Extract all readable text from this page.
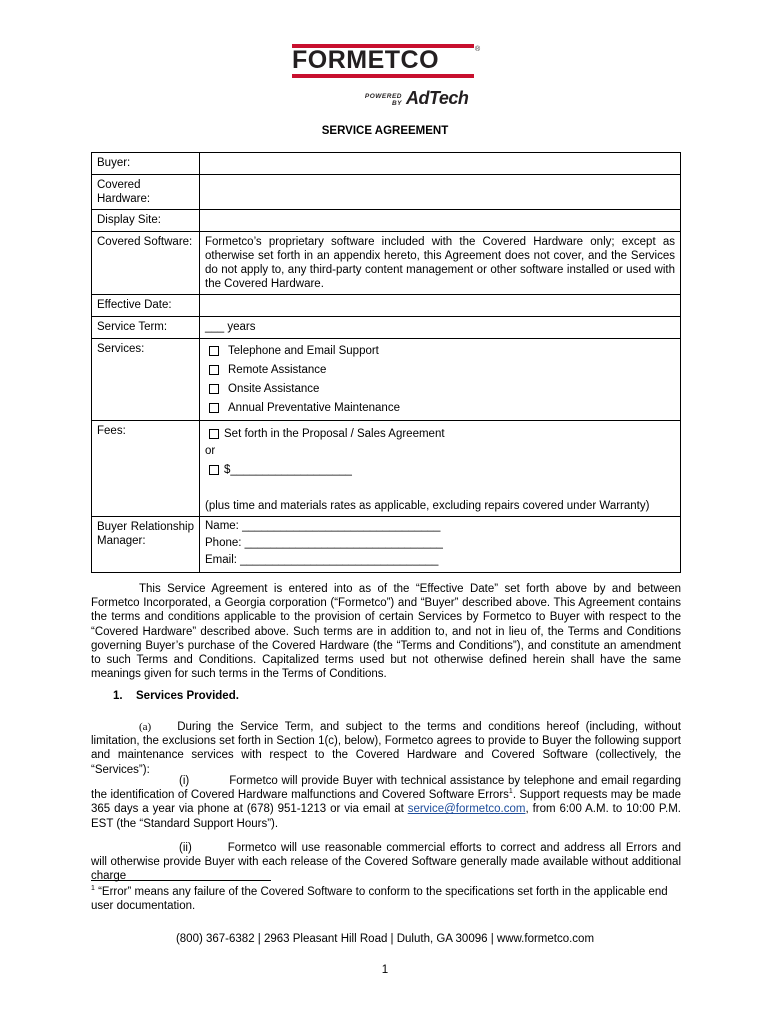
FORMETCO	®
POWERED BY AdTech
SERVICE AGREEMENT
Buyer:	
Covered Hardware:	
Display Site:	
Covered Software:	Formetco’s proprietary software included with the Covered Hardware only; except as otherwise set forth in an appendix hereto, this Agreement does not cover, and the Services do not apply to, any third-party content management or other software installed or used with the Covered Hardware.
Effective Date:	
Service Term:	___ years
Services:	Telephone and Email Support
Remote Assistance
Onsite Assistance
Annual Preventative Maintenance

Fees:	Set forth in the Proposal / Sales Agreement
or
$___________________
(plus time and materials rates as applicable, excluding repairs covered under Warranty)

Buyer Relationship Manager:	Name: _______________________________
Phone: _______________________________
Email: _______________________________
This Service Agreement is entered into as of the “Effective Date” set forth above by and between Formetco Incorporated, a Georgia corporation (“Formetco”) and “Buyer” described above. This Agreement contains the terms and conditions applicable to the provision of certain Services by Formetco to Buyer with respect to the “Covered Hardware” described above. Such terms are in addition to, and not in lieu of, the Terms and Conditions governing Buyer’s purchase of the Covered Hardware (the “Terms and Conditions”), and constitute an amendment to such Terms and Conditions. Capitalized terms used but not otherwise defined herein shall have the same meanings given for such terms in the Terms of Conditions.
1. Services Provided.
(a) During the Service Term, and subject to the terms and conditions hereof (including, without limitation, the exclusions set forth in Section 1(c), below), Formetco agrees to provide to Buyer the following support and maintenance services with respect to the Covered Hardware and Covered Software (collectively, the “Services”):
(i)	Formetco will provide Buyer with technical assistance by telephone and email regarding the identification of Covered Hardware malfunctions and Covered Software Errors$^1$. Support requests may be made 365 days a year via phone at (678) 951-1213 or via email at service@formetco.com, from 6:00 A.M. to 10:00 P.M. EST (the “Standard Support Hours”).
(ii)	Formetco will use reasonable commercial efforts to correct and address all Errors and will otherwise provide Buyer with each release of the Covered Software generally made available without additional charge
$^1$ “Error” means any failure of the Covered Software to conform to the specifications set forth in the applicable end user documentation.
(800) 367-6382 | 2963 Pleasant Hill Road | Duluth, GA 30096 | www.formetco.com
1
